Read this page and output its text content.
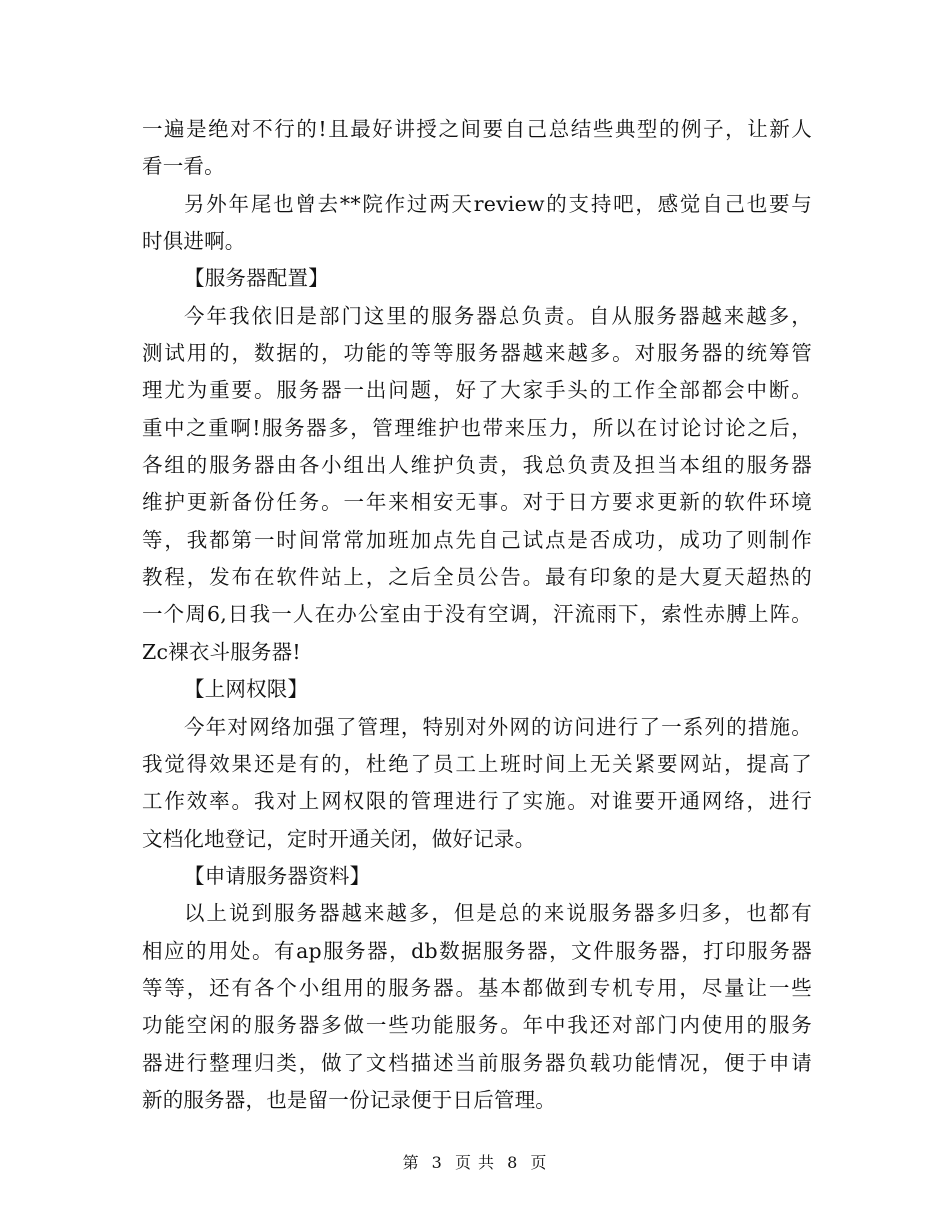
一遍是绝对不行的!且最好讲授之间要自己总结些典型的例子，让新人
看一看。
另外年尾也曾去**院作过两天review的支持吧，感觉自己也要与
时俱进啊。
【服务器配置】
今年我依旧是部门这里的服务器总负责。自从服务器越来越多，
测试用的，数据的，功能的等等服务器越来越多。对服务器的统筹管
理尤为重要。服务器一出问题，好了大家手头的工作全部都会中断。
重中之重啊!服务器多，管理维护也带来压力，所以在讨论讨论之后，
各组的服务器由各小组出人维护负责，我总负责及担当本组的服务器
维护更新备份任务。一年来相安无事。对于日方要求更新的软件环境
等，我都第一时间常常加班加点先自己试点是否成功，成功了则制作
教程，发布在软件站上，之后全员公告。最有印象的是大夏天超热的
一个周6,日我一人在办公室由于没有空调，汗流雨下，索性赤膊上阵。
Zc裸衣斗服务器!
【上网权限】
今年对网络加强了管理，特别对外网的访问进行了一系列的措施。
我觉得效果还是有的，杜绝了员工上班时间上无关紧要网站，提高了
工作效率。我对上网权限的管理进行了实施。对谁要开通网络，进行
文档化地登记，定时开通关闭，做好记录。
【申请服务器资料】
以上说到服务器越来越多，但是总的来说服务器多归多，也都有
相应的用处。有ap服务器，db数据服务器，文件服务器，打印服务器
等等，还有各个小组用的服务器。基本都做到专机专用，尽量让一些
功能空闲的服务器多做一些功能服务。年中我还对部门内使用的服务
器进行整理归类，做了文档描述当前服务器负载功能情况，便于申请
新的服务器，也是留一份记录便于日后管理。
第 3 页 共 8 页
